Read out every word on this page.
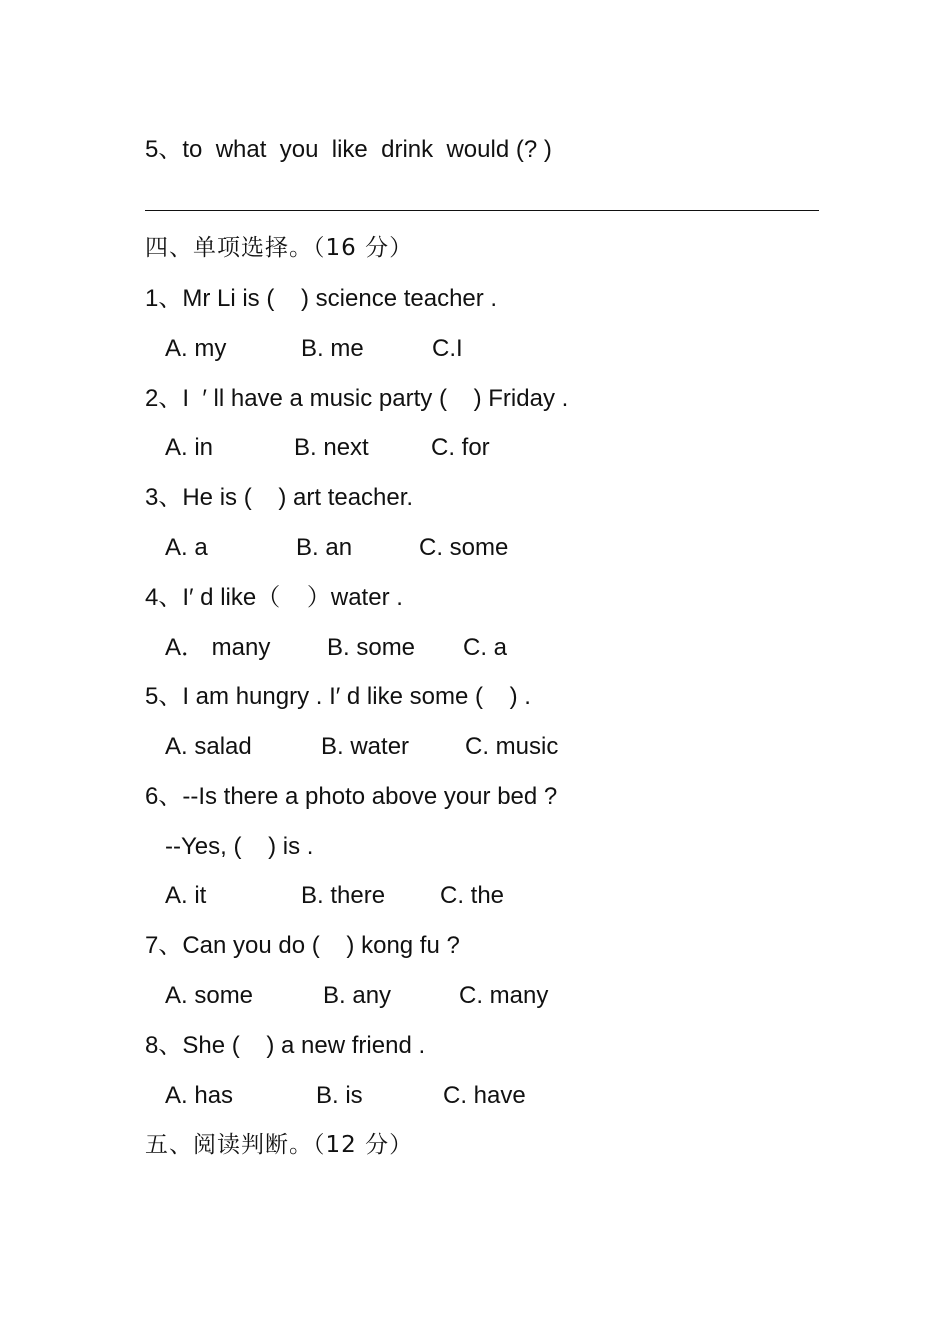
5、to  what  you  like  drink  would (? )
四、单项选择。（16 分）
1、Mr Li is (    ) science teacher .
A. my	B. me	C.I
2、I  ′ ll have a music party (    ) Friday .
A. in	B. next	C. for
3、He is (    ) art teacher.
A. a	B. an	C. some
4、I′ d like（    ）water .
A． many B. some C. a
5、I am hungry . I′ d like some (    ) .
A. salad	B. water C. music
6、--Is there a photo above your bed ?
--Yes, (    ) is .
A. it	B. there C. the
7、Can you do (    ) kong fu ?
A. some	B. any	C. many
8、She (    ) a new friend .
A. has	B. is	C. have
五、阅读判断。（12 分）
